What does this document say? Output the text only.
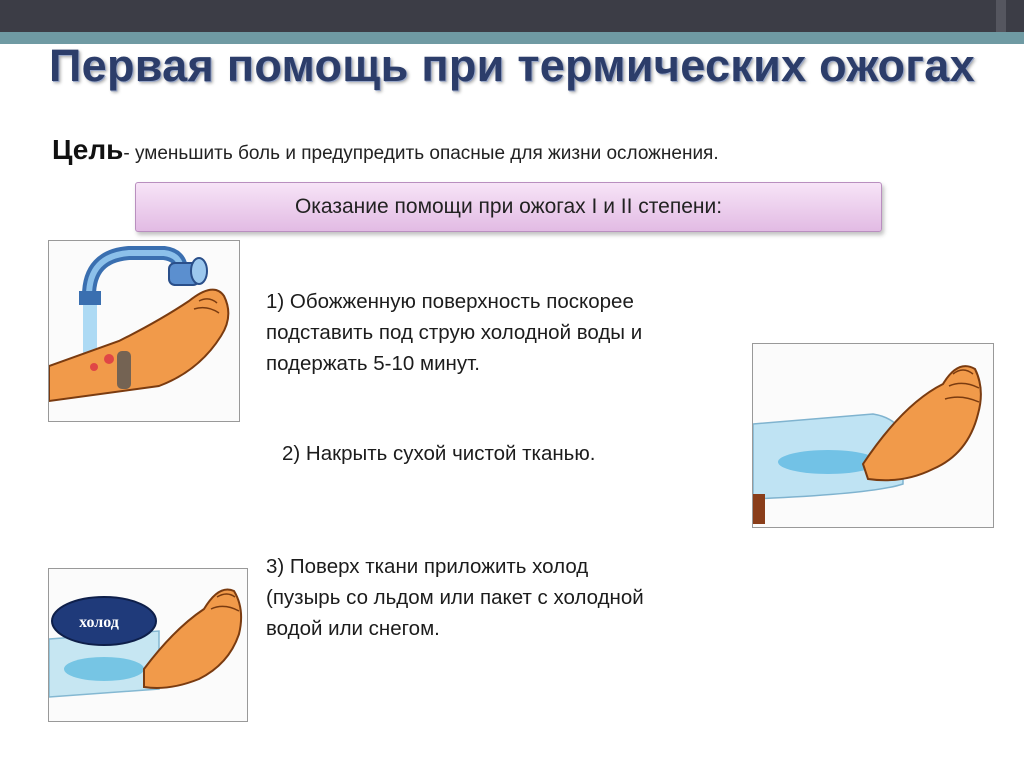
Первая помощь при термических ожогах
Цель- уменьшить боль и предупредить опасные для жизни осложнения.
Оказание помощи при ожогах I и II степени:
1) Обожженную поверхность поскорее
подставить под струю холодной воды и
подержать 5-10 минут.
2) Накрыть сухой чистой тканью.
холод
3) Поверх ткани приложить холод
(пузырь со льдом или пакет с холодной
водой или снегом.
